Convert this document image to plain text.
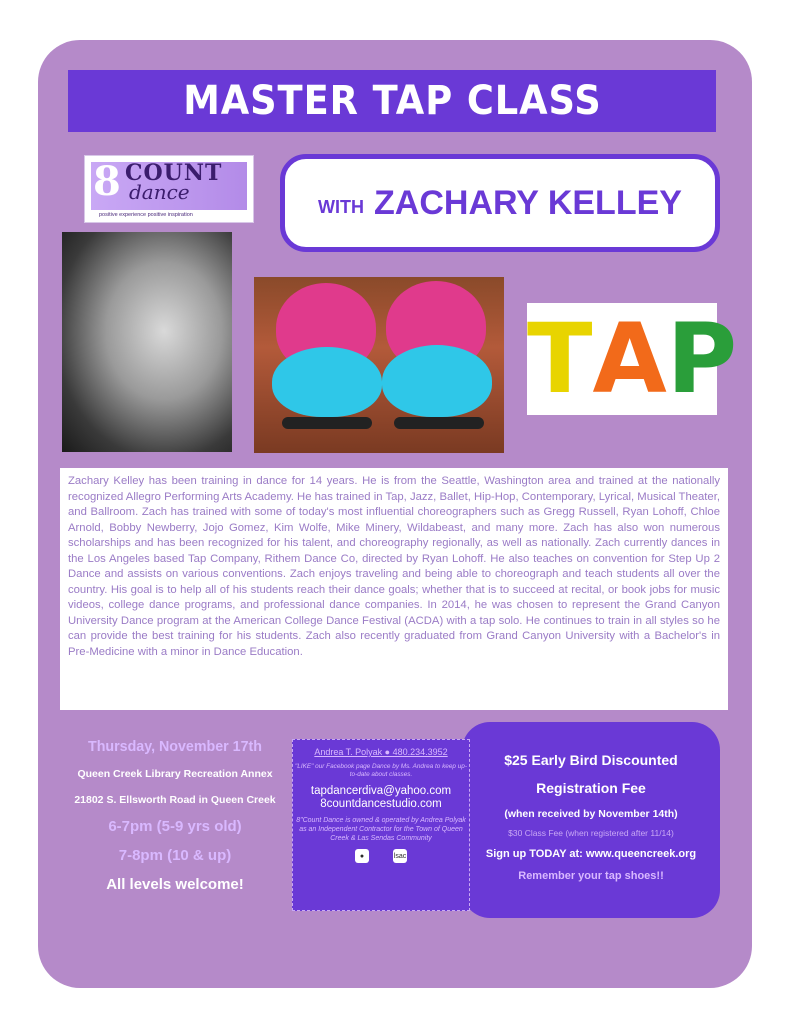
MASTER TAP CLASS
8 COUNT
dance
positive experience positive inspiration	WITH ZACHARY KELLEY
T A P

Zachary Kelley has been training in dance for 14 years. He is from the Seattle, Washington area and trained at the nationally recognized Allegro Performing Arts Academy. He has trained in Tap, Jazz, Ballet, Hip-Hop, Contemporary, Lyrical, Musical Theater, and Ballroom. Zach has trained with some of today's most influential choreographers such as Gregg Russell, Ryan Lohoff, Chloe Arnold, Bobby Newberry, Jojo Gomez, Kim Wolfe, Mike Minery, Wildabeast, and many more. Zach has also won numerous scholarships and has been recognized for his talent, and choreography regionally, as well as nationally. Zach currently dances in the Los Angeles based Tap Company, Rithem Dance Co, directed by Ryan Lohoff. He also teaches on convention for Step Up 2 Dance and assists on various conventions. Zach enjoys traveling and being able to choreograph and teach students all over the country. His goal is to help all of his students reach their dance goals; whether that is to succeed at recital, or book jobs for music videos, college dance programs, and professional dance companies. In 2014, he was chosen to represent the Grand Canyon University Dance program at the American College Dance Festival (ACDA) with a tap solo. He continues to train in all styles so he can provide the best training for his students. Zach also recently graduated from Grand Canyon University with a Bachelor's in Pre-Medicine with a minor in Dance Education.

Thursday, November 17th
Queen Creek Library Recreation Annex
21802 S. Ellsworth Road in Queen Creek
6-7pm (5-9 yrs old)
7-8pm (10 & up)
All levels welcome!
$25 Early Bird Discounted
Registration Fee
(when received by November 14th)
$30 Class Fee (when registered after 11/14)
Sign up TODAY at: www.queencreek.org
Remember your tap shoes!!
Andrea T. Polyak ● 480.234.3952
"LIKE" our Facebook page Dance by Ms. Andrea to keep up-to-date about classes.
tapdancerdiva@yahoo.com
8countdancestudio.com
8"Count Dance is owned & operated by Andrea Polyak as an Independent Contractor for the Town of Queen Creek & Las Sendas Community
●	lsac
